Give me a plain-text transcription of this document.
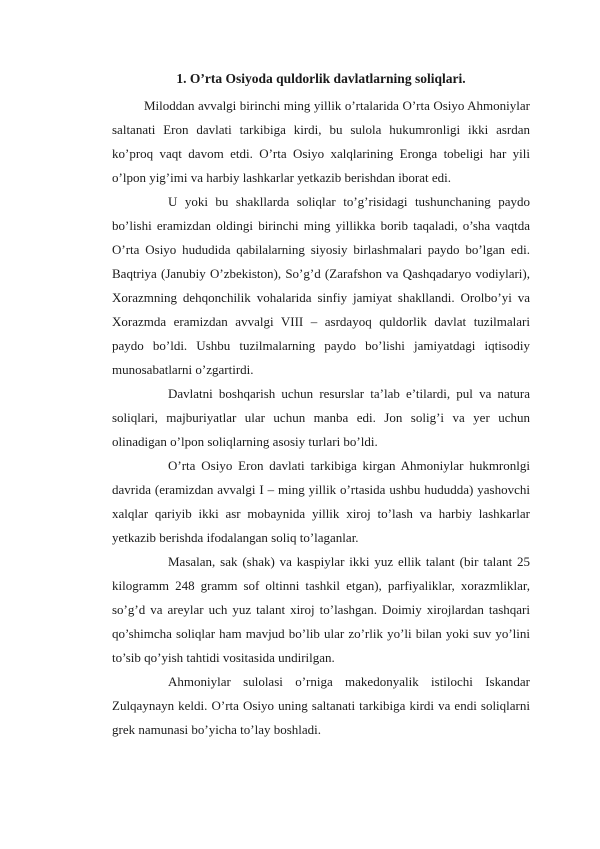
1. O’rta Osiyoda quldorlik davlatlarning soliqlari.

Miloddan avvalgi birinchi ming yillik o’rtalarida O’rta Osiyo Ahmoniylar saltanati Eron davlati tarkibiga kirdi, bu sulola hukumronligi ikki asrdan ko’proq vaqt davom etdi. O’rta Osiyo xalqlarining Eronga tobeligi har yili o’lpon yig’imi va harbiy lashkarlar yetkazib berishdan iborat edi.

U yoki bu shakllarda soliqlar to’g’risidagi tushunchaning paydo bo’lishi eramizdan oldingi birinchi ming yillikka borib taqaladi, o’sha vaqtda O’rta Osiyo hududida qabilalarning siyosiy birlashmalari paydo bo’lgan edi. Baqtriya (Janubiy O’zbekiston), So’g’d (Zarafshon va Qashqadaryo vodiylari), Xorazmning dehqonchilik vohalarida sinfiy jamiyat shakllandi. Orolbo’yi va Xorazmda eramizdan avvalgi VIII – asrdayoq quldorlik davlat tuzilmalari paydo bo’ldi. Ushbu tuzilmalarning paydo bo’lishi jamiyatdagi iqtisodiy munosabatlarni o’zgartirdi.

Davlatni boshqarish uchun resurslar ta’lab e’tilardi, pul va natura soliqlari, majburiyatlar ular uchun manba edi. Jon solig’i va yer uchun olinadigan o’lpon soliqlarning asosiy turlari bo’ldi.

O’rta Osiyo Eron davlati tarkibiga kirgan Ahmoniylar hukmronlgi davrida (eramizdan avvalgi I – ming yillik o’rtasida ushbu hududda) yashovchi xalqlar qariyib ikki asr mobaynida yillik xiroj to’lash va harbiy lashkarlar yetkazib berishda ifodalangan soliq to’laganlar.

Masalan, sak (shak) va kaspiylar ikki yuz ellik talant (bir talant 25 kilogramm 248 gramm sof oltinni tashkil etgan), parfiyaliklar, xorazmliklar, so’g’d va areylar uch yuz talant xiroj to’lashgan. Doimiy xirojlardan tashqari qo’shimcha soliqlar ham mavjud bo’lib ular zo’rlik yo’li bilan yoki suv yo’lini to’sib qo’yish tahtidi vositasida undirilgan.

Ahmoniylar sulolasi o’rniga makedonyalik istilochi Iskandar Zulqaynayn keldi. O’rta Osiyo uning saltanati tarkibiga kirdi va endi soliqlarni grek namunasi bo’yicha to’lay boshladi.
